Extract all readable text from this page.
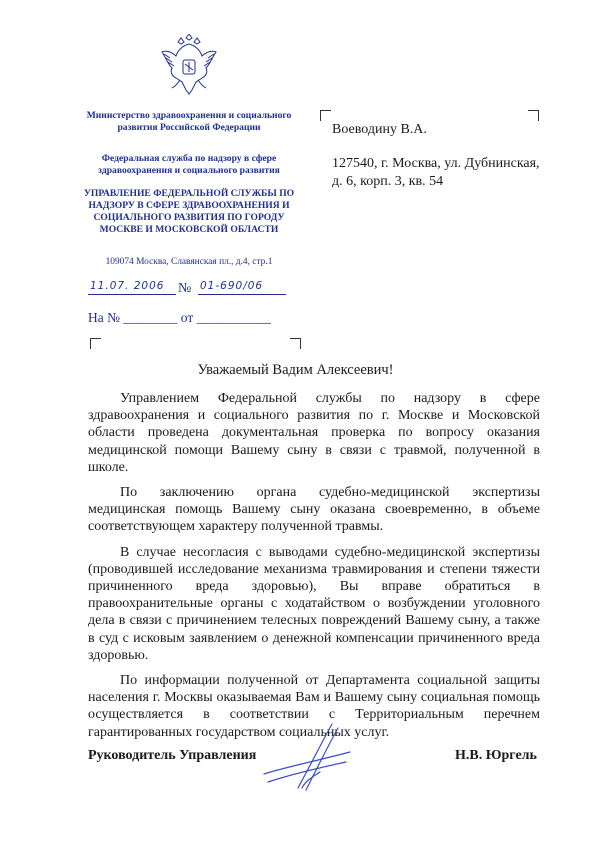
Министерство здравоохранения и социального развития Российской Федерации
Федеральная служба по надзору в сфере здравоохранения и социального развития
УПРАВЛЕНИЕ ФЕДЕРАЛЬНОЙ СЛУЖБЫ ПО НАДЗОРУ В СФЕРЕ ЗДРАВООХРАНЕНИЯ И СОЦИАЛЬНОГО РАЗВИТИЯ ПО ГОРОДУ МОСКВЕ И МОСКОВСКОЙ ОБЛАСТИ
109074 Москва, Славянская пл., д.4, стр.1
11.07. 2006	01-690/06
№
На № ________ от ___________
Воеводину В.А.
127540, г. Москва, ул. Дубнинская, д. 6, корп. 3, кв. 54
Уважаемый Вадим Алексеевич!

Управлением Федеральной службы по надзору в сфере здравоохранения и социального развития по г. Москве и Московской области проведена документальная проверка по вопросу оказания медицинской помощи Вашему сыну в связи с травмой, полученной в школе.

По заключению органа судебно-медицинской экспертизы медицинская помощь Вашему сыну оказана своевременно, в объеме соответствующем характеру полученной травмы.

В случае несогласия с выводами судебно-медицинской экспертизы (проводившей исследование механизма травмирования и степени тяжести причиненного вреда здоровью), Вы вправе обратиться в правоохранительные органы с ходатайством о возбуждении уголовного дела в связи с причинением телесных повреждений Вашему сыну, а также в суд с исковым заявлением о денежной компенсации причиненного вреда здоровью.

По информации полученной от Департамента социальной защиты населения г. Москвы оказываемая Вам и Вашему сыну социальная помощь осуществляется в соответствии с Территориальным перечнем гарантированных государством социальных услуг.

Руководитель Управления	Н.В. Юргель
